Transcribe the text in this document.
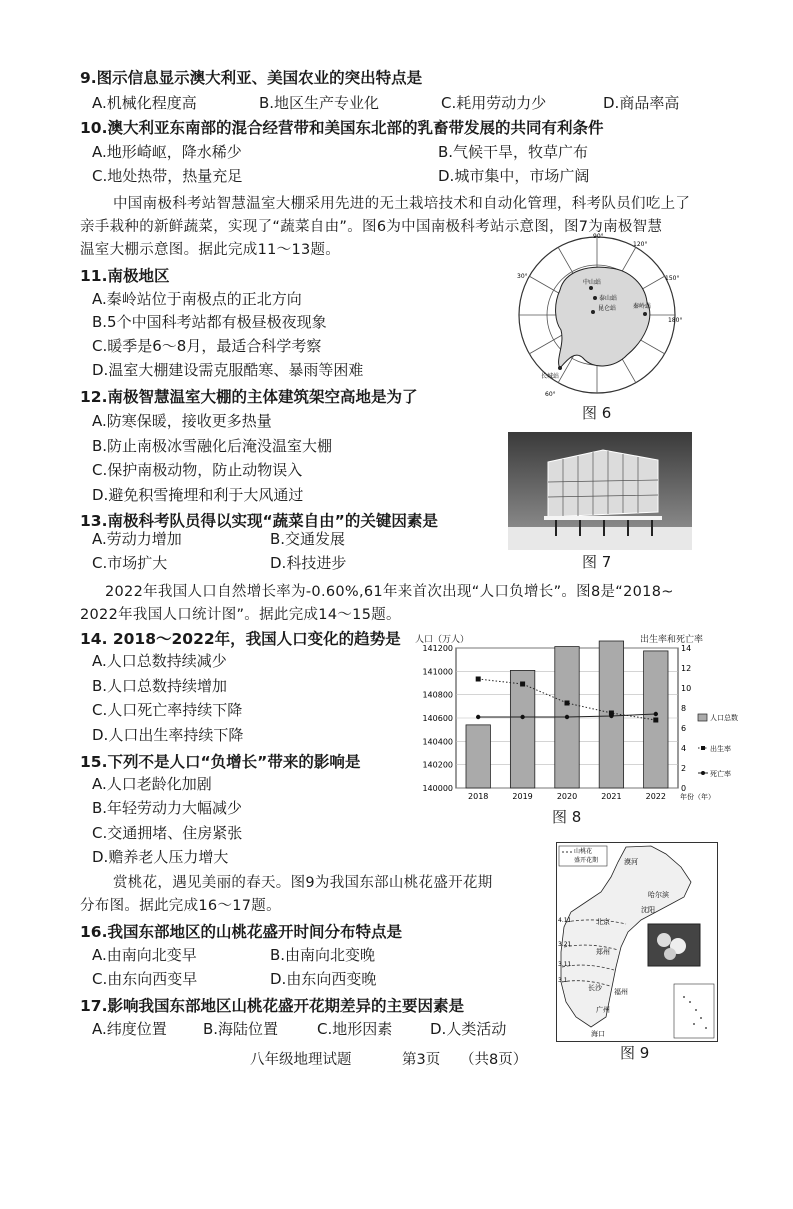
9.图示信息显示澳大利亚、美国农业的突出特点是
A.机械化程度高	B.地区生产专业化	C.耗用劳动力少	D.商品率高
10.澳大利亚东南部的混合经营带和美国东北部的乳畜带发展的共同有利条件
A.地形崎岖，降水稀少	B.气候干旱，牧草广布
C.地处热带，热量充足	D.城市集中，市场广阔
中国南极科考站智慧温室大棚采用先进的无土栽培技术和自动化管理，科考队员们吃上了
亲手栽种的新鲜蔬菜，实现了“蔬菜自由”。图6为中国南极科考站示意图，图7为南极智慧
温室大棚示意图。据此完成11～13题。
11.南极地区
A.秦岭站位于南极点的正北方向
B.5个中国科考站都有极昼极夜现象
C.暖季是6～8月，最适合科学考察
D.温室大棚建设需克服酷寒、暴雨等困难
12.南极智慧温室大棚的主体建筑架空高地是为了
A.防寒保暖，接收更多热量
B.防止南极冰雪融化后淹没温室大棚
C.保护南极动物，防止动物误入
D.避免积雪掩埋和利于大风通过
13.南极科考队员得以实现“蔬菜自由”的关键因素是
A.劳动力增加	B.交通发展
C.市场扩大	D.科技进步
90°
120°
150°
180°
60°
30°
中山站
泰山站
昆仑站	秦岭站
长城站
图 6
图 7
2022年我国人口自然增长率为-0.60%,61年来首次出现“人口负增长”。图8是“2018~
2022年我国人口统计图”。据此完成14～15题。
14. 2018～2022年，我国人口变化的趋势是
A.人口总数持续减少
B.人口总数持续增加
C.人口死亡率持续下降
D.人口出生率持续下降
15.下列不是人口“负增长”带来的影响是
A.人口老龄化加剧
B.年轻劳动力大幅减少
C.交通拥堵、住房紧张
D.赡养老人压力增大
人口（万人）	出生率和死亡率
140000
140200
140400
140600
140800
141000
141200
0
2
4
6
8
10
12
14
2018	2019	2020	2021	2022 年份（年）
人口总数
出生率
死亡率
图 8
赏桃花，遇见美丽的春天。图9为我国东部山桃花盛开花期
分布图。据此完成16～17题。
16.我国东部地区的山桃花盛开时间分布特点是
A.由南向北变早	B.由南向北变晚
C.由东向西变早	D.由东向西变晚
17.影响我国东部地区山桃花盛开花期差异的主要因素是
A.纬度位置 B.海陆位置	C.地形因素	D.人类活动
山桃花
盛开花期	漠河
哈尔滨
沈阳
北京
郑州
长沙 福州
广州
海口
4.11
3.21
3.11
3.1
图 9
八年级地理试题	第3页 （共8页）
